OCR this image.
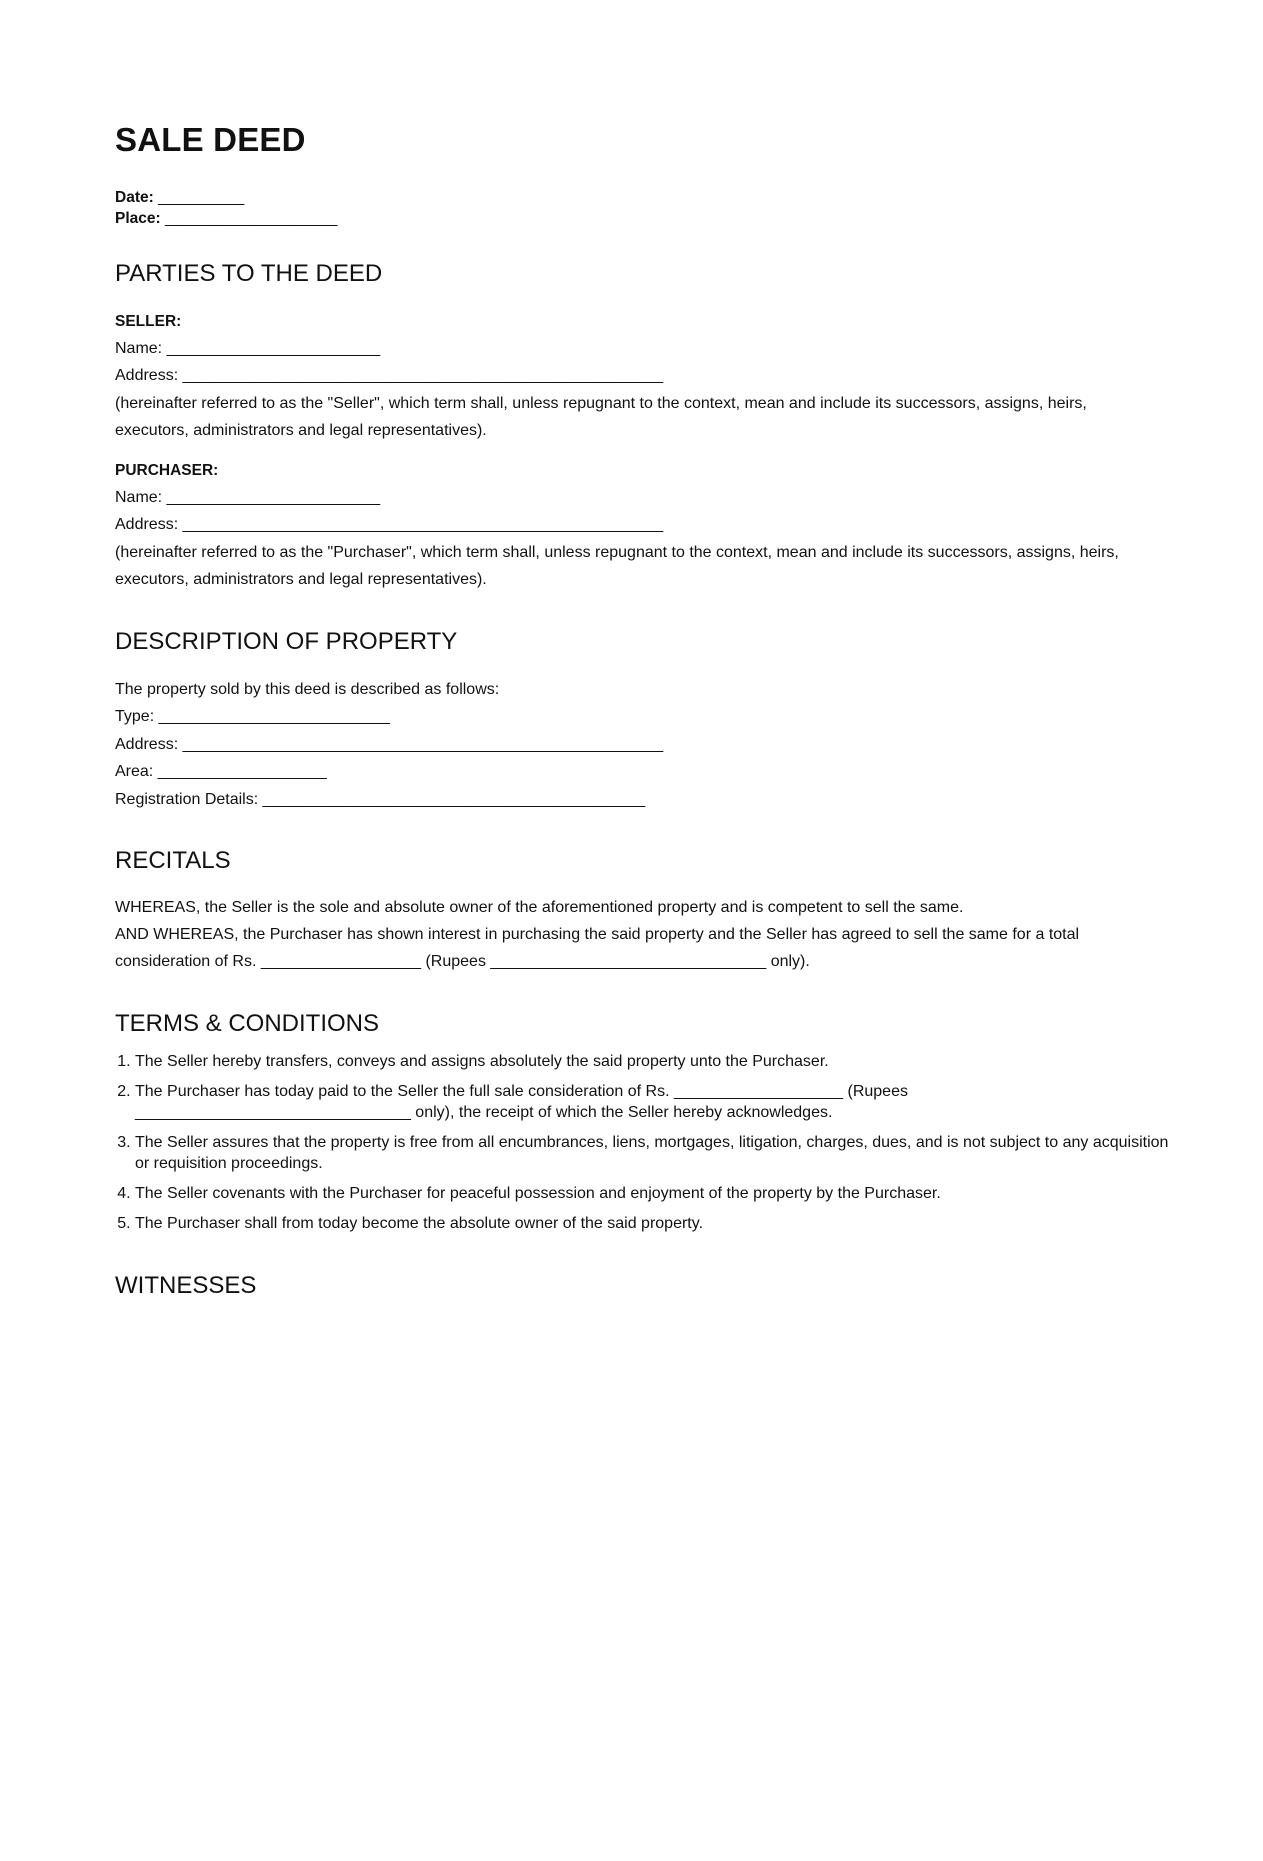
SALE DEED
Date: __________
Place: ____________________
PARTIES TO THE DEED
SELLER:
Name: ________________________
Address: ______________________________________________________
(hereinafter referred to as the "Seller", which term shall, unless repugnant to the context, mean and include its successors, assigns, heirs, executors, administrators and legal representatives).
PURCHASER:
Name: ________________________
Address: ______________________________________________________
(hereinafter referred to as the "Purchaser", which term shall, unless repugnant to the context, mean and include its successors, assigns, heirs, executors, administrators and legal representatives).
DESCRIPTION OF PROPERTY
The property sold by this deed is described as follows:
Type: __________________________
Address: ______________________________________________________
Area: ___________________
Registration Details: ___________________________________________
RECITALS
WHEREAS, the Seller is the sole and absolute owner of the aforementioned property and is competent to sell the same.
AND WHEREAS, the Purchaser has shown interest in purchasing the said property and the Seller has agreed to sell the same for a total consideration of Rs. __________________ (Rupees _______________________________ only).
TERMS & CONDITIONS
1. The Seller hereby transfers, conveys and assigns absolutely the said property unto the Purchaser.
2. The Purchaser has today paid to the Seller the full sale consideration of Rs. ___________________ (Rupees _______________________________ only), the receipt of which the Seller hereby acknowledges.
3. The Seller assures that the property is free from all encumbrances, liens, mortgages, litigation, charges, dues, and is not subject to any acquisition or requisition proceedings.
4. The Seller covenants with the Purchaser for peaceful possession and enjoyment of the property by the Purchaser.
5. The Purchaser shall from today become the absolute owner of the said property.
WITNESSES
